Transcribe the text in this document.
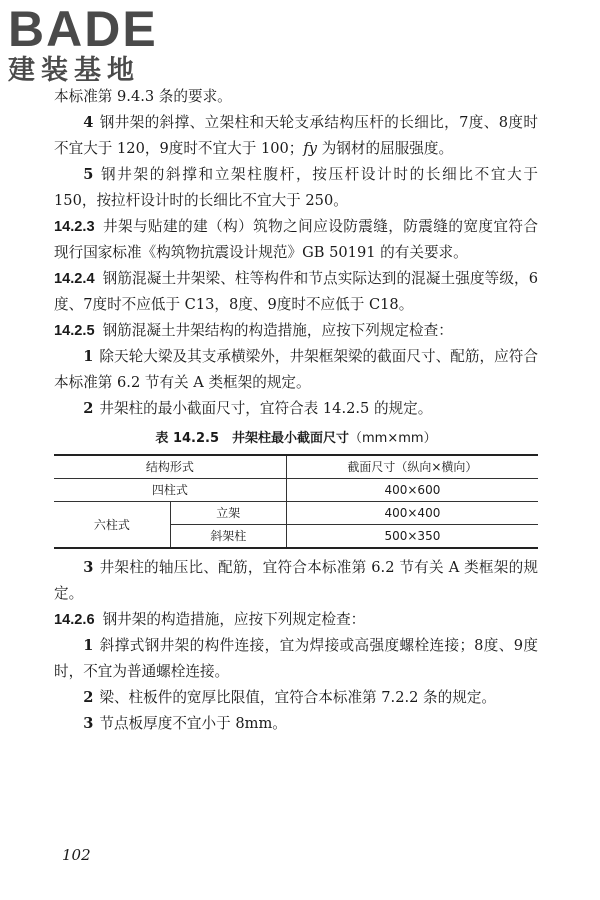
BADE
建装基地

本标准第 9.4.3 条的要求。

4 钢井架的斜撑、立架柱和天轮支承结构压杆的长细比，7度、8度时不宜大于 120，9度时不宜大于 100；fy 为钢材的屈服强度。

5 钢井架的斜撑和立架柱腹杆，按压杆设计时的长细比不宜大于 150，按拉杆设计时的长细比不宜大于 250。

14.2.3 井架与贴建的建（构）筑物之间应设防震缝，防震缝的宽度宜符合现行国家标准《构筑物抗震设计规范》GB 50191 的有关要求。

14.2.4 钢筋混凝土井架梁、柱等构件和节点实际达到的混凝土强度等级，6度、7度时不应低于 C13，8度、9度时不应低于 C18。

14.2.5 钢筋混凝土井架结构的构造措施，应按下列规定检查：

1 除天轮大梁及其支承横梁外，井架框架梁的截面尺寸、配筋，应符合本标准第 6.2 节有关 A 类框架的规定。

2 井架柱的最小截面尺寸，宜符合表 14.2.5 的规定。

表 14.2.5　井架柱最小截面尺寸（mm×mm）
结构形式		截面尺寸（纵向×横向）
四柱式		400×600
六柱式	立架	400×400
	斜架柱	500×350

3 井架柱的轴压比、配筋，宜符合本标准第 6.2 节有关 A 类框架的规定。

14.2.6 钢井架的构造措施，应按下列规定检查：

1 斜撑式钢井架的构件连接，宜为焊接或高强度螺栓连接；8度、9度时，不宜为普通螺栓连接。

2 梁、柱板件的宽厚比限值，宜符合本标准第 7.2.2 条的规定。

3 节点板厚度不宜小于 8mm。

102
